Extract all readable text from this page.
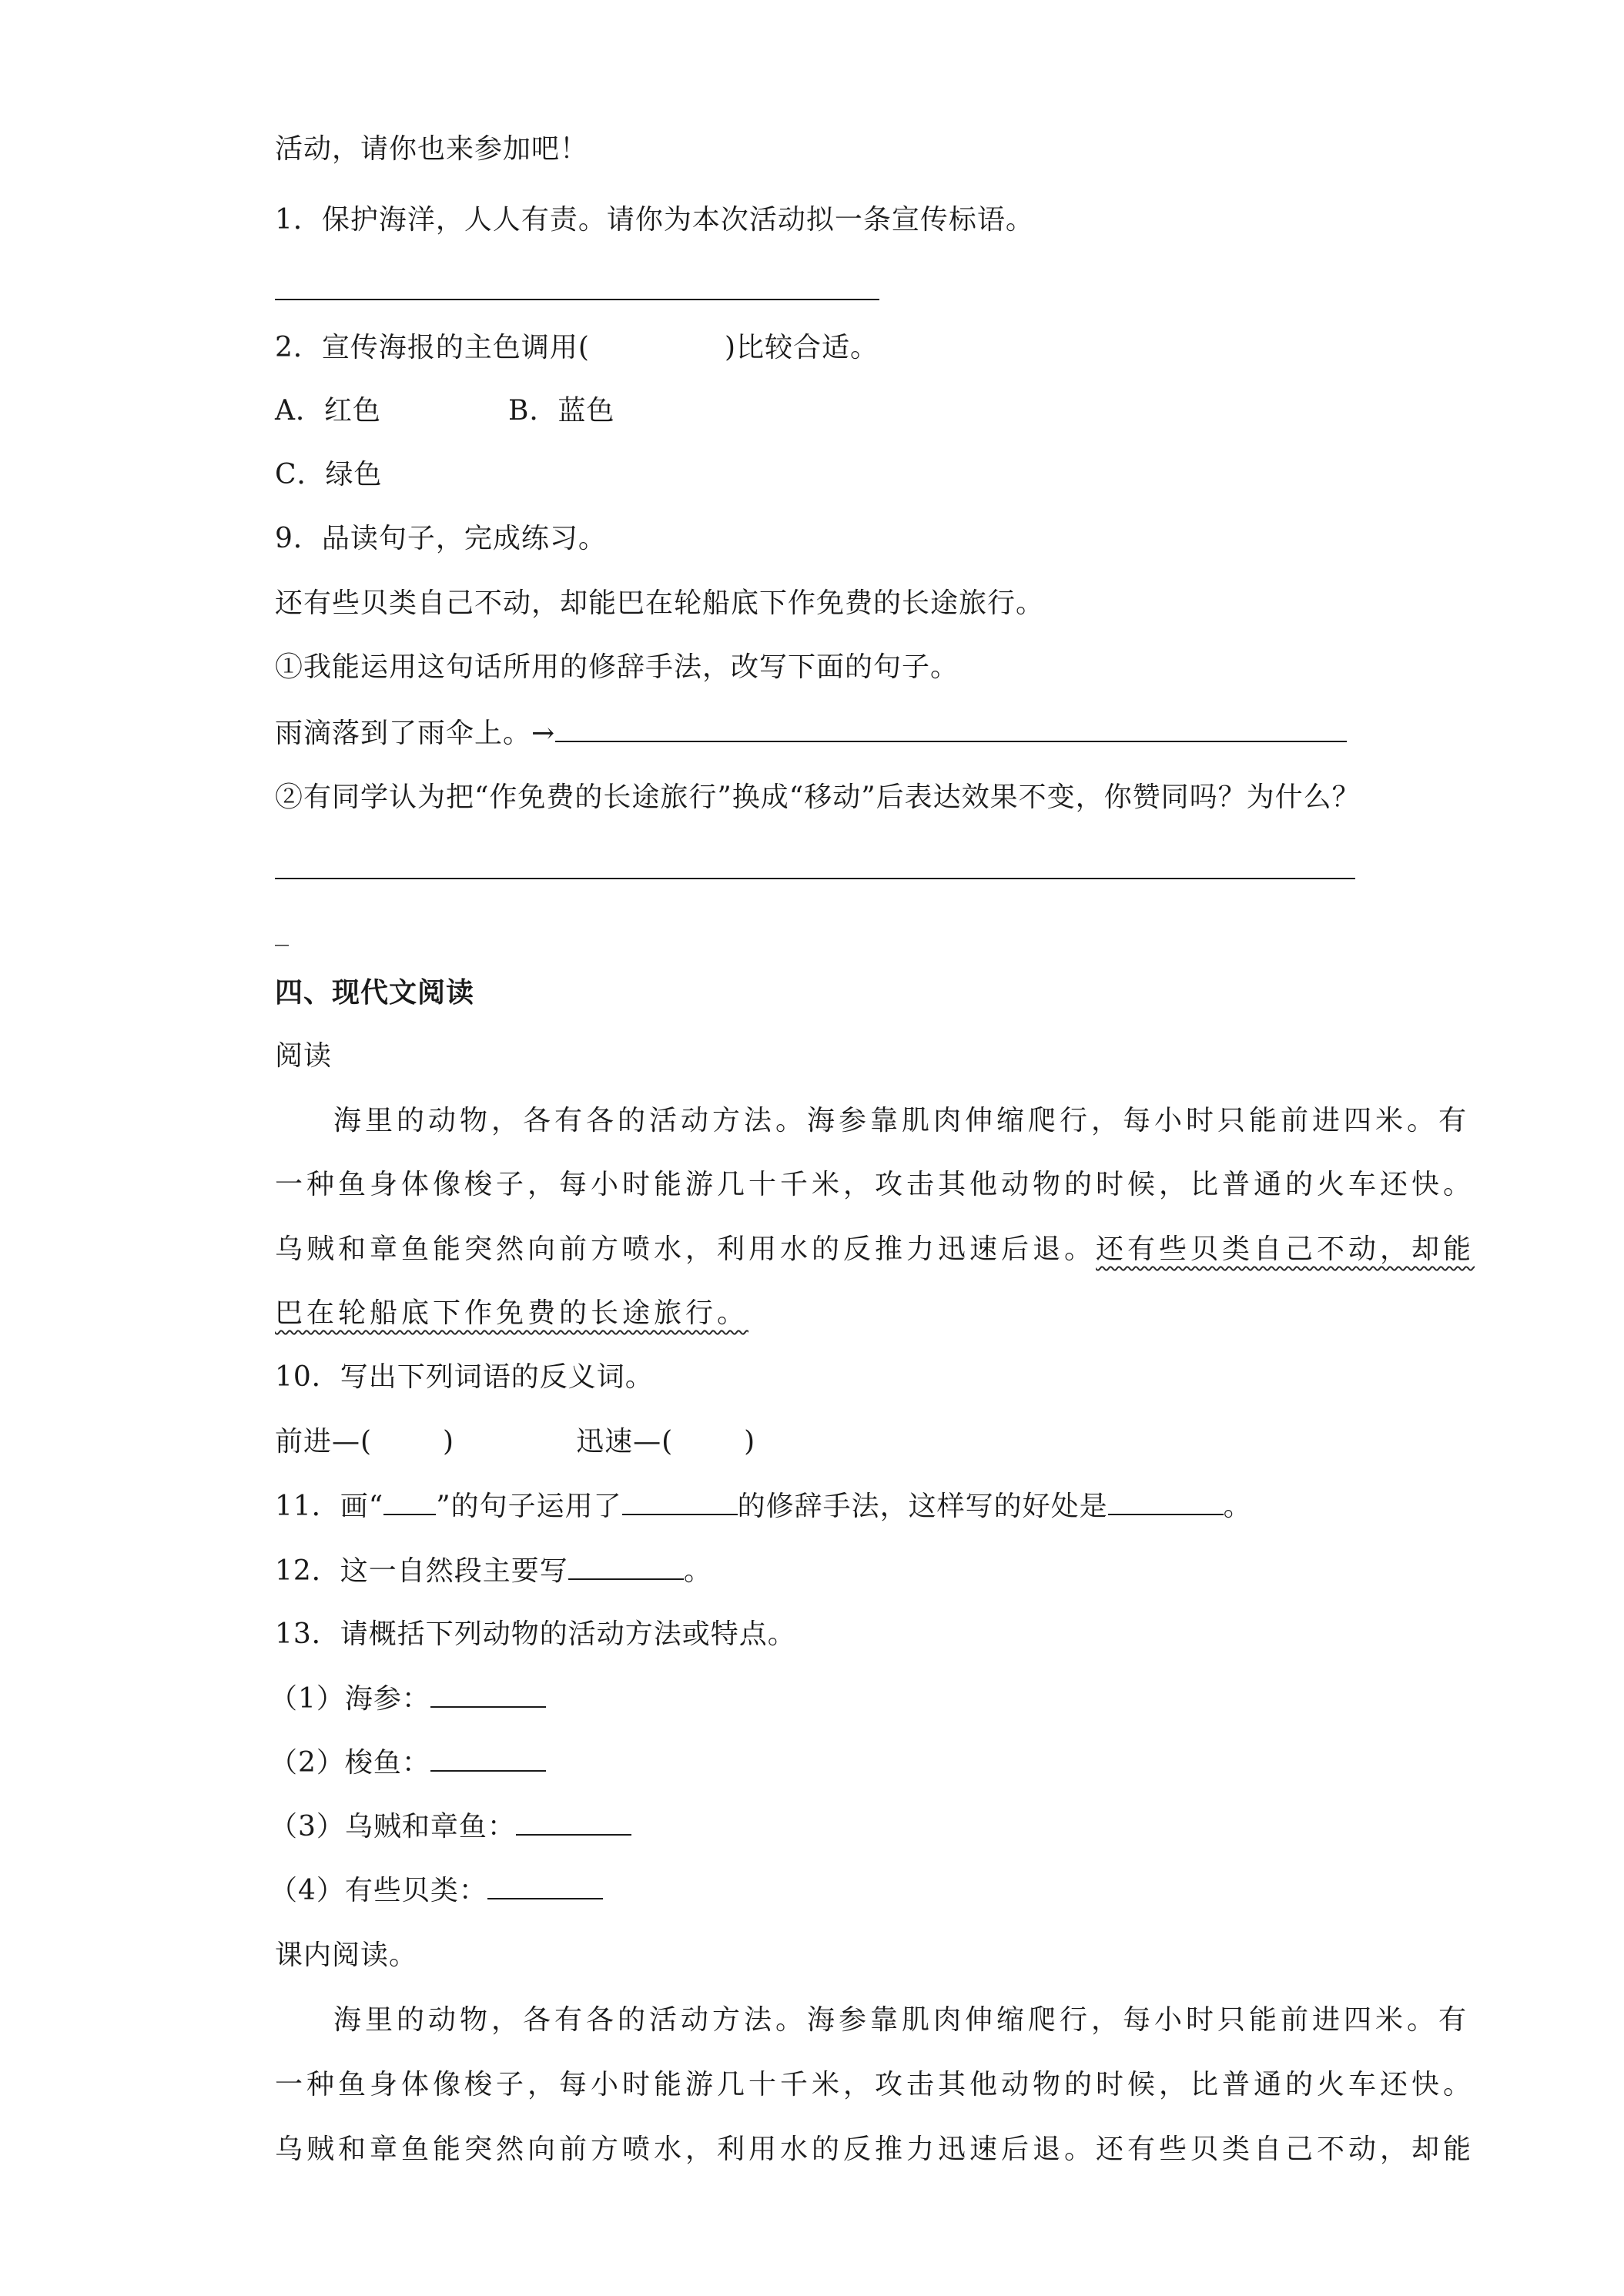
活动，请你也来参加吧！
1．保护海洋，人人有责。请你为本次活动拟一条宣传标语。
2．宣传海报的主色调用(	)比较合适。
A．红色	B．蓝色
C．绿色
9．品读句子，完成练习。
还有些贝类自己不动，却能巴在轮船底下作免费的长途旅行。
①我能运用这句话所用的修辞手法，改写下面的句子。
雨滴落到了雨伞上。→
②有同学认为把“作免费的长途旅行”换成“移动”后表达效果不变，你赞同吗？为什么？
_
四、现代文阅读
阅读
海里的动物，各有各的活动方法。海参靠肌肉伸缩爬行，每小时只能前进四米。有
一种鱼身体像梭子，每小时能游几十千米，攻击其他动物的时候，比普通的火车还快。
乌贼和章鱼能突然向前方喷水，利用水的反推力迅速后退。还有些贝类自己不动，却能
巴在轮船底下作免费的长途旅行。
10．写出下列词语的反义词。
前进—(	)	迅速—(	)
11．画“ ”的句子运用了	的修辞手法，这样写的好处是	。
12．这一自然段主要写	。
13．请概括下列动物的活动方法或特点。
（1）海参：
（2）梭鱼：
（3）乌贼和章鱼：
（4）有些贝类：
课内阅读。
海里的动物，各有各的活动方法。海参靠肌肉伸缩爬行，每小时只能前进四米。有
一种鱼身体像梭子，每小时能游几十千米，攻击其他动物的时候，比普通的火车还快。
乌贼和章鱼能突然向前方喷水，利用水的反推力迅速后退。还有些贝类自己不动，却能
